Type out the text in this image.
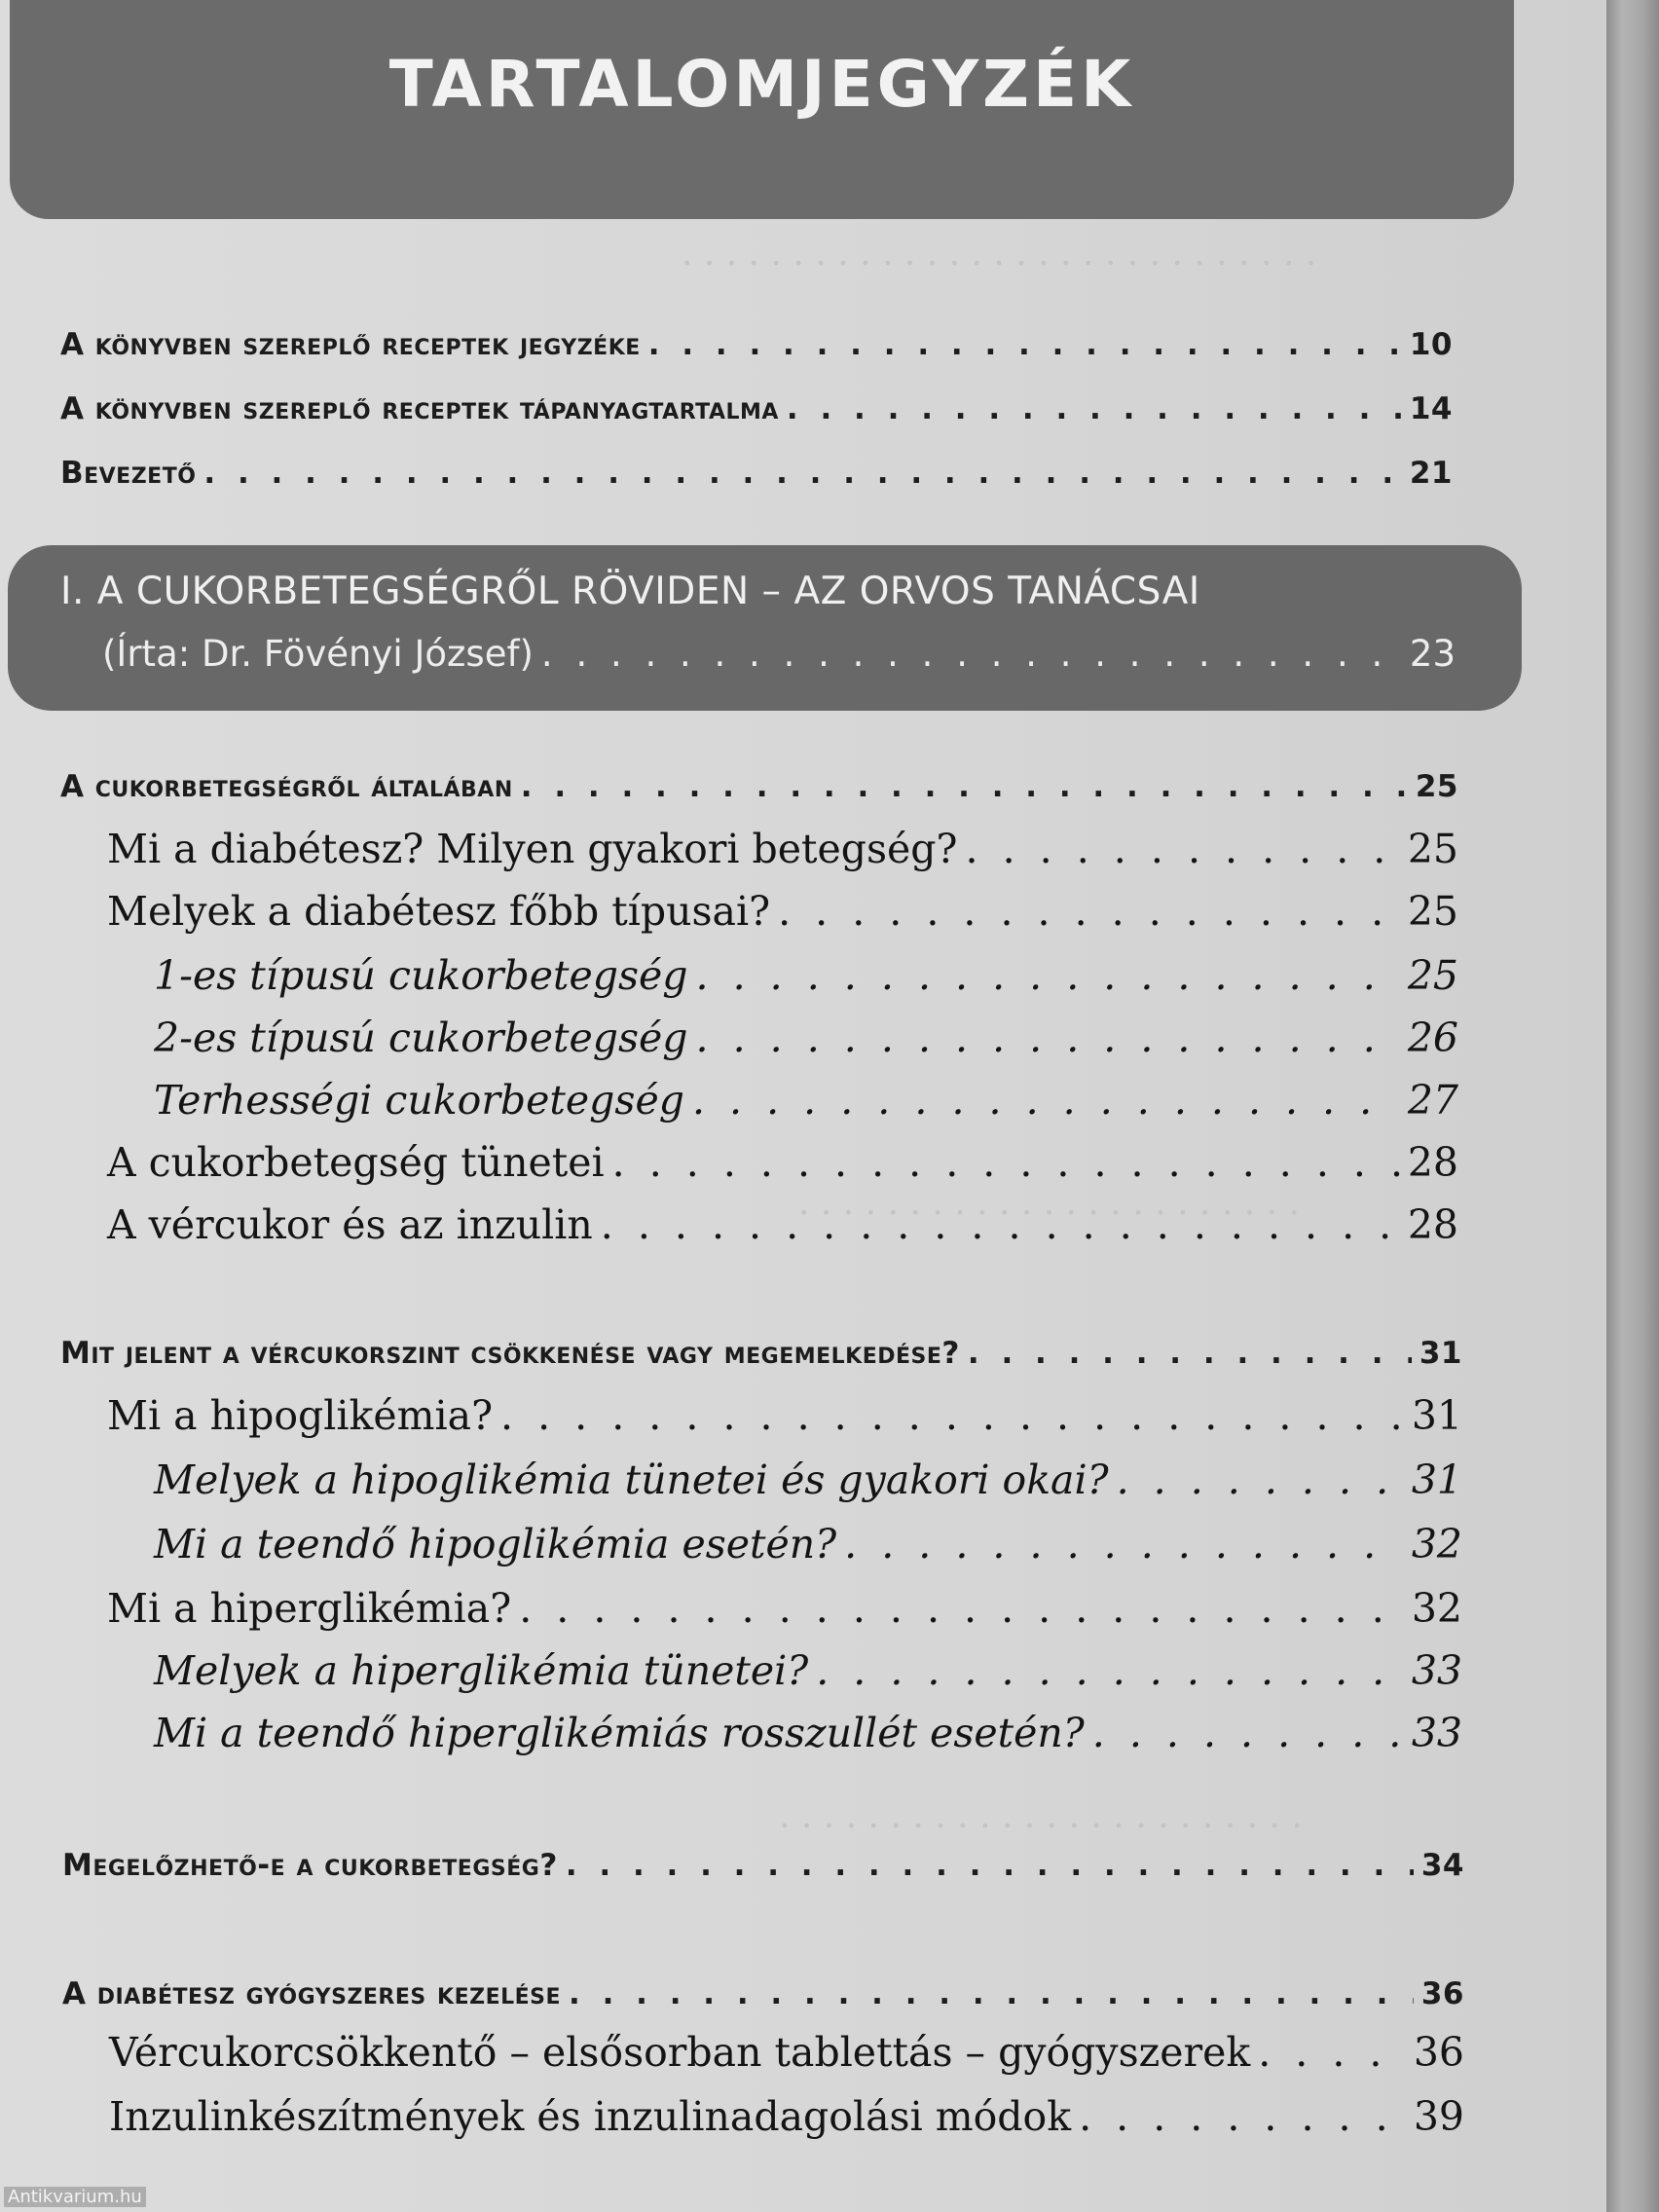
. . . . . . . . . . . . . . . . . . . . . . . . . . . . .
. . . . . . . . . . . . . . . . . . . . . . .
. . . . . . . . . . . . . . . . . . . . . . . .
TARTALOMJEGYZÉK
A könyvben szereplő receptek jegyzéke . . .	10
A könyvben szereplő receptek tápanyagtartalma . . .	14
Bevezető . . .	21
I. A CUKORBETEGSÉGRŐL RÖVIDEN – AZ ORVOS TANÁCSAI
(Írta: Dr. Fövényi József) . . .	23
A cukorbetegségről általában . . .	25
Mi a diabétesz? Milyen gyakori betegség? . . .	25
Melyek a diabétesz főbb típusai? . . .	25
1-es típusú cukorbetegség . . .	25
2-es típusú cukorbetegség . . .	26
Terhességi cukorbetegség . . .	27
A cukorbetegség tünetei . . .	28
A vércukor és az inzulin . . .	28
Mit jelent a vércukorszint csökkenése vagy megemelkedése? . . .	31
Mi a hipoglikémia? . . .	31
Melyek a hipoglikémia tünetei és gyakori okai? . . .	31
Mi a teendő hipoglikémia esetén? . . .	32
Mi a hiperglikémia? . . .	32
Melyek a hiperglikémia tünetei? . . .	33
Mi a teendő hiperglikémiás rosszullét esetén? . . .	33
Megelőzhető-e a cukorbetegség? . . .	34
A diabétesz gyógyszeres kezelése . . .	36
Vércukorcsökkentő – elsősorban tablettás – gyógyszerek . . .	36
Inzulinkészítmények és inzulinadagolási módok . . .	39
Antikvarium.hu
